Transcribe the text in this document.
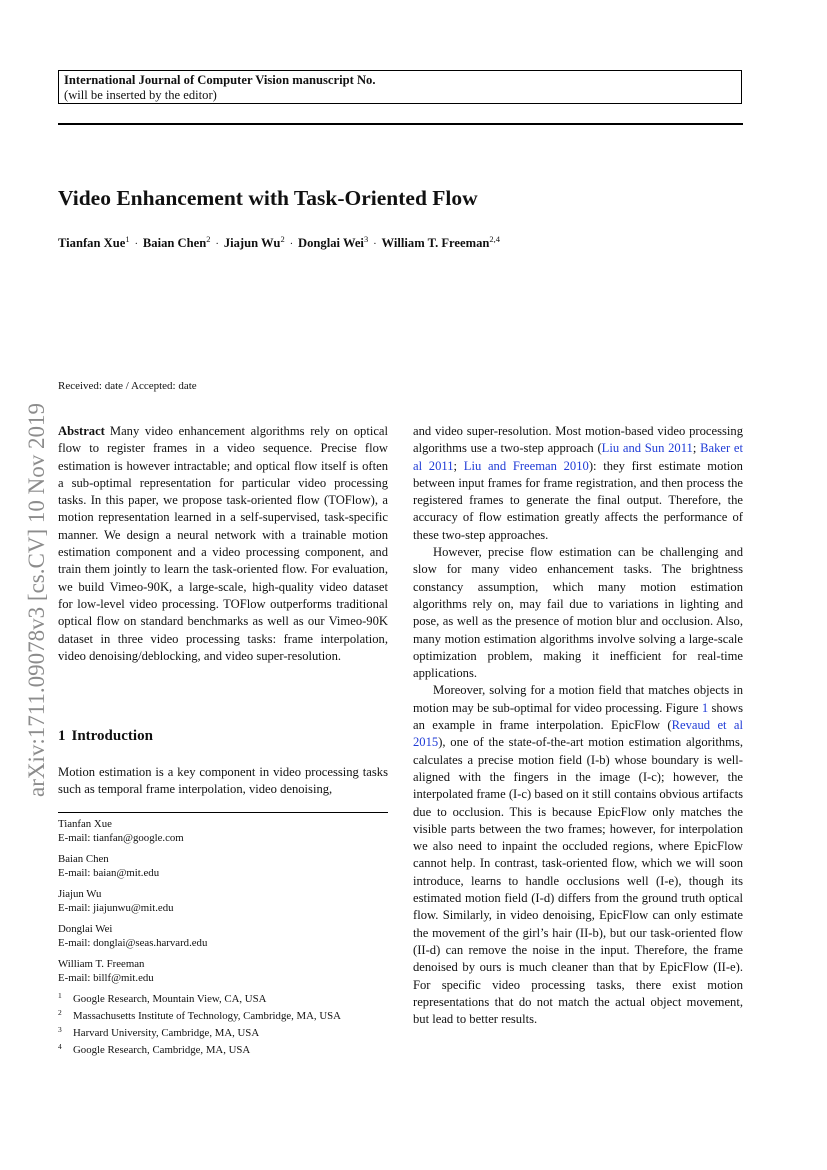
International Journal of Computer Vision manuscript No.
(will be inserted by the editor)
arXiv:1711.09078v3 [cs.CV] 10 Nov 2019
Video Enhancement with Task-Oriented Flow
Tianfan Xue$^1$ · Baian Chen$^2$ · Jiajun $Wu^2$ · Donglai Wei$^3$ · William T. Freeman$^{2,4}$
Received: date / Accepted: date

Abstract Many video enhancement algorithms rely on optical flow to register frames in a video sequence. Precise flow estimation is however intractable; and optical flow itself is often a sub-optimal representation for particular video processing tasks. In this paper, we propose task-oriented flow (TOFlow), a motion representation learned in a self-supervised, task-specific manner. We design a neural network with a trainable motion estimation component and a video processing component, and train them jointly to learn the task-oriented flow. For evaluation, we build Vimeo-90K, a large-scale, high-quality video dataset for low-level video processing. TOFlow outperforms traditional optical flow on standard benchmarks as well as our Vimeo-90K dataset in three video processing tasks: frame interpolation, video denoising/deblocking, and video super-resolution.

1 Introduction
Motion estimation is a key component in video processing tasks such as temporal frame interpolation, video denoising,
Tianfan Xue
E-mail: tianfan@google.com
Baian Chen
E-mail: baian@mit.edu
Jiajun Wu
E-mail: jiajunwu@mit.edu
Donglai Wei
E-mail: donglai@seas.harvard.edu
William T. Freeman
E-mail: billf@mit.edu
$^1$ Google Research, Mountain View, CA, USA
$^2$ Massachusetts Institute of Technology, Cambridge, MA, USA
$^3$ Harvard University, Cambridge, MA, USA
$^4$ Google Research, Cambridge, MA, USA

and video super-resolution. Most motion-based video processing algorithms use a two-step approach (Liu and Sun 2011; Baker et al 2011; Liu and Freeman 2010): they first estimate motion between input frames for frame registration, and then process the registered frames to generate the final output. Therefore, the accuracy of flow estimation greatly affects the performance of these two-step approaches.

However, precise flow estimation can be challenging and slow for many video enhancement tasks. The brightness constancy assumption, which many motion estimation algorithms rely on, may fail due to variations in lighting and pose, as well as the presence of motion blur and occlusion. Also, many motion estimation algorithms involve solving a large-scale optimization problem, making it inefficient for real-time applications.

Moreover, solving for a motion field that matches objects in motion may be sub-optimal for video processing. Figure 1 shows an example in frame interpolation. EpicFlow (Revaud et al 2015), one of the state-of-the-art motion estimation algorithms, calculates a precise motion field (I-b) whose boundary is well-aligned with the fingers in the image (I-c); however, the interpolated frame (I-c) based on it still contains obvious artifacts due to occlusion. This is because EpicFlow only matches the visible parts between the two frames; however, for interpolation we also need to inpaint the occluded regions, where EpicFlow cannot help. In contrast, task-oriented flow, which we will soon introduce, learns to handle occlusions well (I-e), though its estimated motion field (I-d) differs from the ground truth optical flow. Similarly, in video denoising, EpicFlow can only estimate the movement of the girl’s hair (II-b), but our task-oriented flow (II-d) can remove the noise in the input. Therefore, the frame denoised by ours is much cleaner than that by EpicFlow (II-e). For specific video processing tasks, there exist motion representations that do not match the actual object movement, but lead to better results.
